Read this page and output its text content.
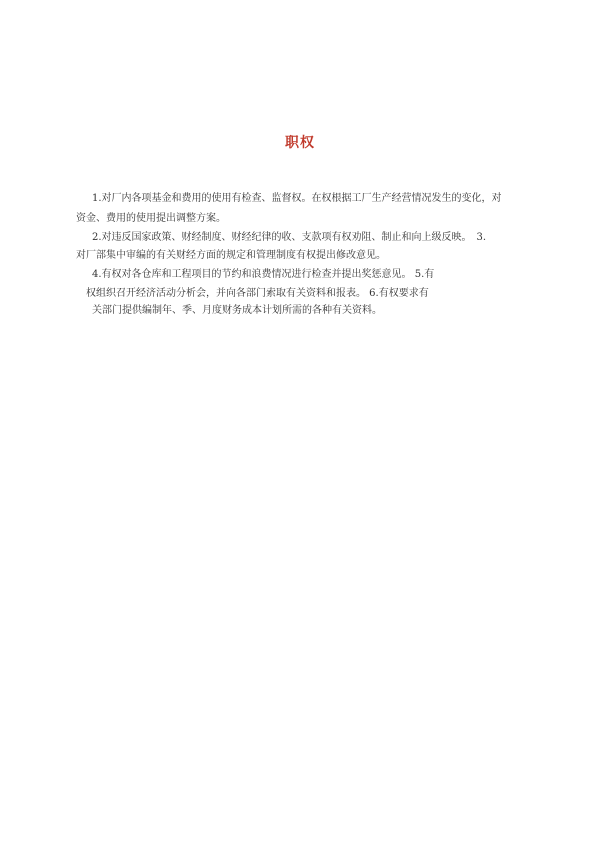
职权
1.对厂内各项基金和费用的使用有检查、监督权。在权根据工厂生产经营情况发生的变化，对
资金、费用的使用提出调整方案。
2.对违反国家政策、财经制度、财经纪律的收、支款项有权劝阻、制止和向上级反映。　3.
对厂部集中审编的有关财经方面的规定和管理制度有权提出修改意见。
4.有权对各仓库和工程项目的节约和浪费情况进行检查并提出奖惩意见。 5.有
权组织召开经济活动分析会，并向各部门索取有关资料和报表。 6.有权要求有
关部门提供编制年、季、月度财务成本计划所需的各种有关资料。
